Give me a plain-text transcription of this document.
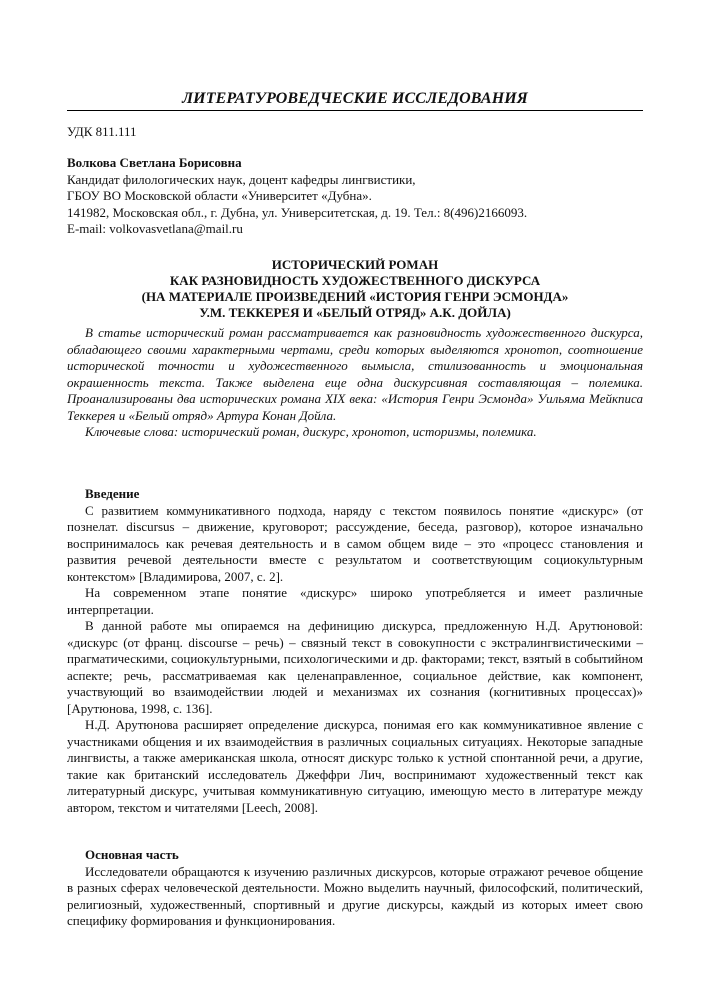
ЛИТЕРАТУРОВЕДЧЕСКИЕ ИССЛЕДОВАНИЯ
УДК 811.111
Волкова Светлана Борисовна
Кандидат филологических наук, доцент кафедры лингвистики,
ГБОУ ВО Московской области «Университет «Дубна».
141982, Московская обл., г. Дубна, ул. Университетская, д. 19. Тел.: 8(496)2166093.
E-mail: volkovasvetlana@mail.ru
ИСТОРИЧЕСКИЙ РОМАН
КАК РАЗНОВИДНОСТЬ ХУДОЖЕСТВЕННОГО ДИСКУРСА
(НА МАТЕРИАЛЕ ПРОИЗВЕДЕНИЙ «ИСТОРИЯ ГЕНРИ ЭСМОНДА»
У.М. ТЕККЕРЕЯ И «БЕЛЫЙ ОТРЯД» А.К. ДОЙЛА)

В статье исторический роман рассматривается как разновидность художественного дискурса, обладающего своими характерными чертами, среди которых выделяются хронотоп, соотношение исторической точности и художественного вымысла, стилизованность и эмоциональная окрашенность текста. Также выделена еще одна дискурсивная составляющая – полемика. Проанализированы два исторических романа XIX века: «История Генри Эсмонда» Уильяма Мейкписа Теккерея и «Белый отряд» Артура Конан Дойла.

Ключевые слова: исторический роман, дискурс, хронотоп, историзмы, полемика.

Введение

С развитием коммуникативного подхода, наряду с текстом появилось понятие «дискурс» (от познелат. discursus – движение, круговорот; рассуждение, беседа, разговор), которое изначально воспринималось как речевая деятельность и в самом общем виде – это «процесс становления и развития речевой деятельности вместе с результатом и соответствующим социокультурным контекстом» [Владимирова, 2007, с. 2].

На современном этапе понятие «дискурс» широко употребляется и имеет различные интерпретации.

В данной работе мы опираемся на дефиницию дискурса, предложенную Н.Д. Арутюновой: «дискурс (от франц. discourse – речь) – связный текст в совокупности с экстралингвистическими – прагматическими, социокультурными, психологическими и др. факторами; текст, взятый в событийном аспекте; речь, рассматриваемая как целенаправленное, социальное действие, как компонент, участвующий во взаимодействии людей и механизмах их сознания (когнитивных процессах)» [Арутюнова, 1998, с. 136].

Н.Д. Арутюнова расширяет определение дискурса, понимая его как коммуникативное явление с участниками общения и их взаимодействия в различных социальных ситуациях. Некоторые западные лингвисты, а также американская школа, относят дискурс только к устной спонтанной речи, а другие, такие как британский исследователь Джеффри Лич, воспринимают художественный текст как литературный дискурс, учитывая коммуникативную ситуацию, имеющую место в литературе между автором, текстом и читателями [Leech, 2008].

Основная часть

Исследователи обращаются к изучению различных дискурсов, которые отражают речевое общение в разных сферах человеческой деятельности. Можно выделить научный, философский, политический, религиозный, художественный, спортивный и другие дискурсы, каждый из которых имеет свою специфику формирования и функционирования.
